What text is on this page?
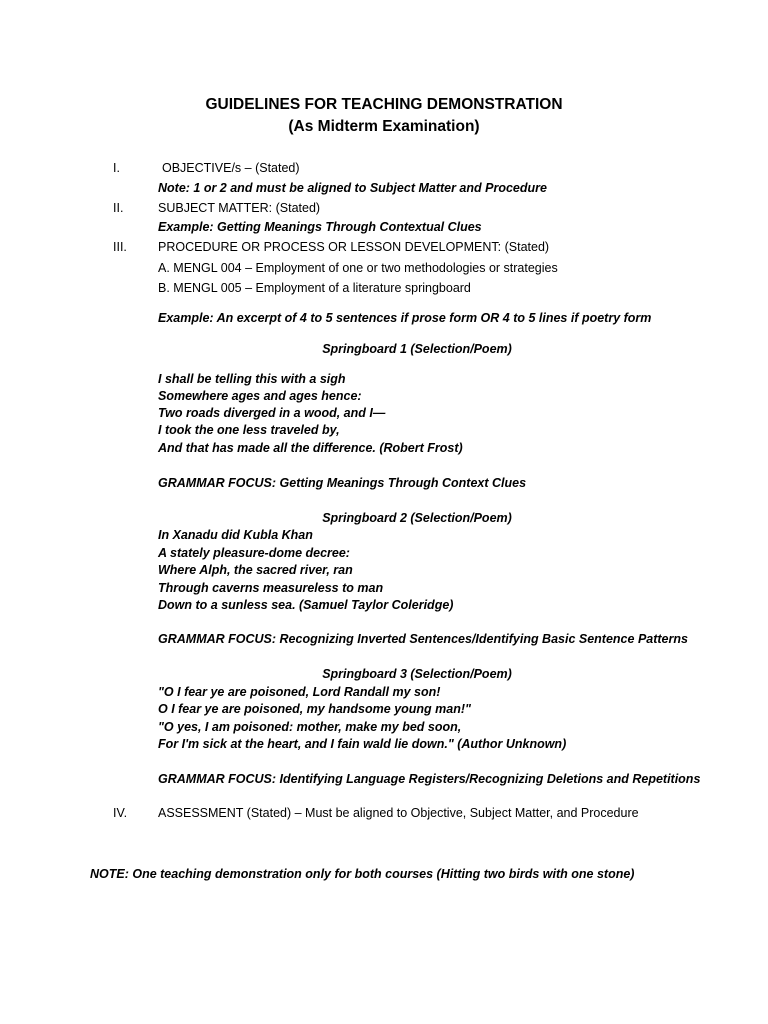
GUIDELINES FOR TEACHING DEMONSTRATION
(As Midterm Examination)
I.	OBJECTIVE/s – (Stated)
Note: 1 or 2 and must be aligned to Subject Matter and Procedure
II.	SUBJECT MATTER: (Stated)
Example: Getting Meanings Through Contextual Clues
III. PROCEDURE OR PROCESS OR LESSON DEVELOPMENT: (Stated)
A. MENGL 004 – Employment of one or two methodologies or strategies
B. MENGL 005 – Employment of a literature springboard
Example: An excerpt of 4 to 5 sentences if prose form OR 4 to 5 lines if poetry form
Springboard 1 (Selection/Poem)
I shall be telling this with a sigh
Somewhere ages and ages hence:
Two roads diverged in a wood, and I—
I took the one less traveled by,
And that has made all the difference. (Robert Frost)
GRAMMAR FOCUS: Getting Meanings Through Context Clues
Springboard 2 (Selection/Poem)
In Xanadu did Kubla Khan
A stately pleasure-dome decree:
Where Alph, the sacred river, ran
Through caverns measureless to man
Down to a sunless sea. (Samuel Taylor Coleridge)
GRAMMAR FOCUS: Recognizing Inverted Sentences/Identifying Basic Sentence Patterns
Springboard 3 (Selection/Poem)
"O I fear ye are poisoned, Lord Randall my son!
O I fear ye are poisoned, my handsome young man!"
"O yes, I am poisoned: mother, make my bed soon,
For I'm sick at the heart, and I fain wald lie down." (Author Unknown)
GRAMMAR FOCUS: Identifying Language Registers/Recognizing Deletions and Repetitions
IV. ASSESSMENT (Stated) – Must be aligned to Objective, Subject Matter, and Procedure
NOTE: One teaching demonstration only for both courses (Hitting two birds with one stone)
